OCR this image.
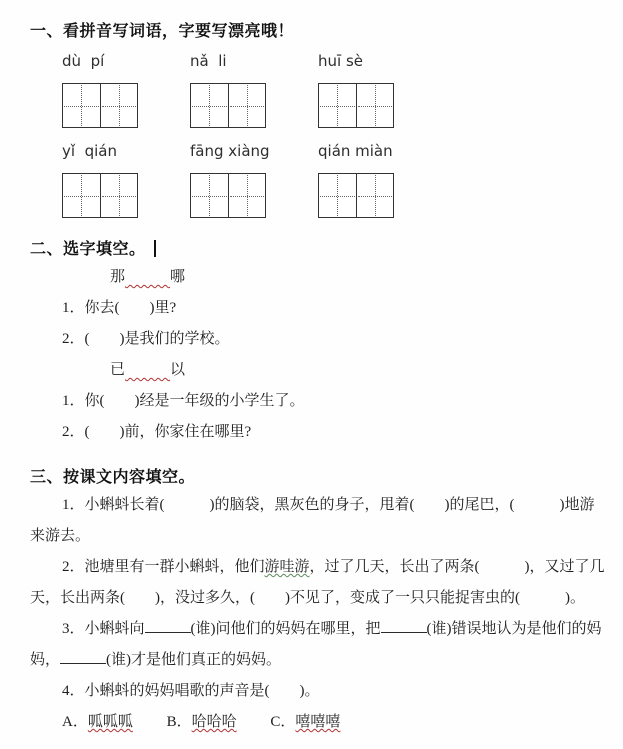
一、看拼音写词语，字要写漂亮哦！
dù  pí	nǎ  li	huī sè
yǐ  qián	fāng xiàng	qián miàn
二、选字填空。
那　　　	哪

1．你去(　　)里?

2．(　　)是我们的学校。

已　　　	以

1．你(　　)经是一年级的小学生了。

2．(　　)前，你家住在哪里?

三、按课文内容填空。

1．小蝌蚪长着(　　　)的脑袋，黑灰色的身子，甩着(　　)的尾巴，(　　　)地游来游去。

2．池塘里有一群小蝌蚪，他们游哇游，过了几天，长出了两条(　　　)，又过了几天，长出两条(　　)，没过多久，(　　)不见了，变成了一只只能捉害虫的(　　　)。

3．小蝌蚪向	(谁)问他们的妈妈在哪里，把	(谁)错误地认为是他们的妈妈，	(谁)才是他们真正的妈妈。

4．小蝌蚪的妈妈唱歌的声音是(　　)。

A．呱呱呱 B．哈哈哈 C．嘻嘻嘻
